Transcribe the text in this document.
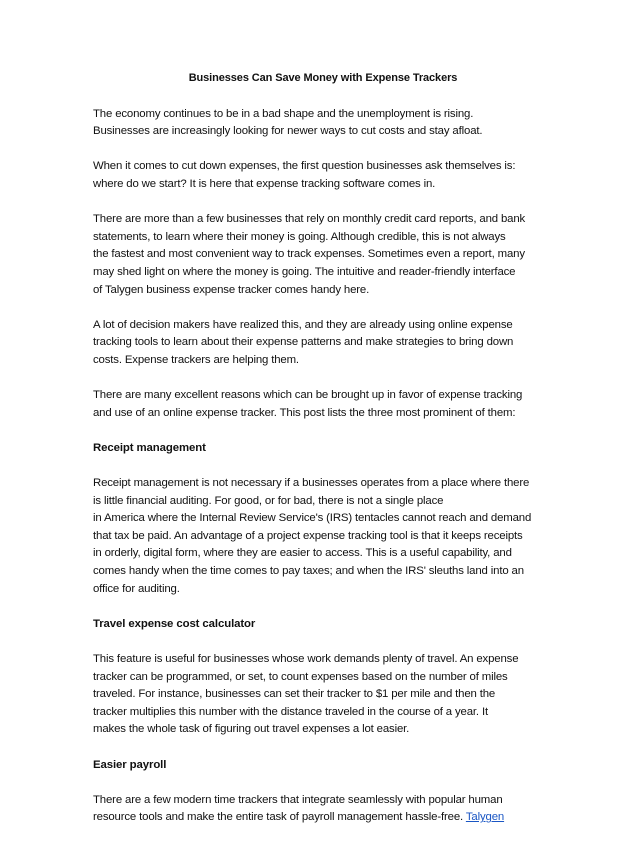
Businesses Can Save Money with Expense Trackers
The economy continues to be in a bad shape and the unemployment is rising.
Businesses are increasingly looking for newer ways to cut costs and stay afloat.
When it comes to cut down expenses, the first question businesses ask themselves is:
where do we start? It is here that expense tracking software comes in.
There are more than a few businesses that rely on monthly credit card reports, and bank
statements, to learn where their money is going. Although credible, this is not always
the fastest and most convenient way to track expenses. Sometimes even a report, many
may shed light on where the money is going. The intuitive and reader-friendly interface
of Talygen business expense tracker comes handy here.
A lot of decision makers have realized this, and they are already using online expense
tracking tools to learn about their expense patterns and make strategies to bring down
costs. Expense trackers are helping them.
There are many excellent reasons which can be brought up in favor of expense tracking
and use of an online expense tracker. This post lists the three most prominent of them:
Receipt management
Receipt management is not necessary if a businesses operates from a place where there
is little financial auditing. For good, or for bad, there is not a single place
in America where the Internal Review Service's (IRS) tentacles cannot reach and demand
that tax be paid. An advantage of a project expense tracking tool is that it keeps receipts
in orderly, digital form, where they are easier to access. This is a useful capability, and
comes handy when the time comes to pay taxes; and when the IRS' sleuths land into an
office for auditing.
Travel expense cost calculator
This feature is useful for businesses whose work demands plenty of travel. An expense
tracker can be programmed, or set, to count expenses based on the number of miles
traveled. For instance, businesses can set their tracker to $1 per mile and then the
tracker multiplies this number with the distance traveled in the course of a year. It
makes the whole task of figuring out travel expenses a lot easier.
Easier payroll
There are a few modern time trackers that integrate seamlessly with popular human
resource tools and make the entire task of payroll management hassle-free. Talygen
